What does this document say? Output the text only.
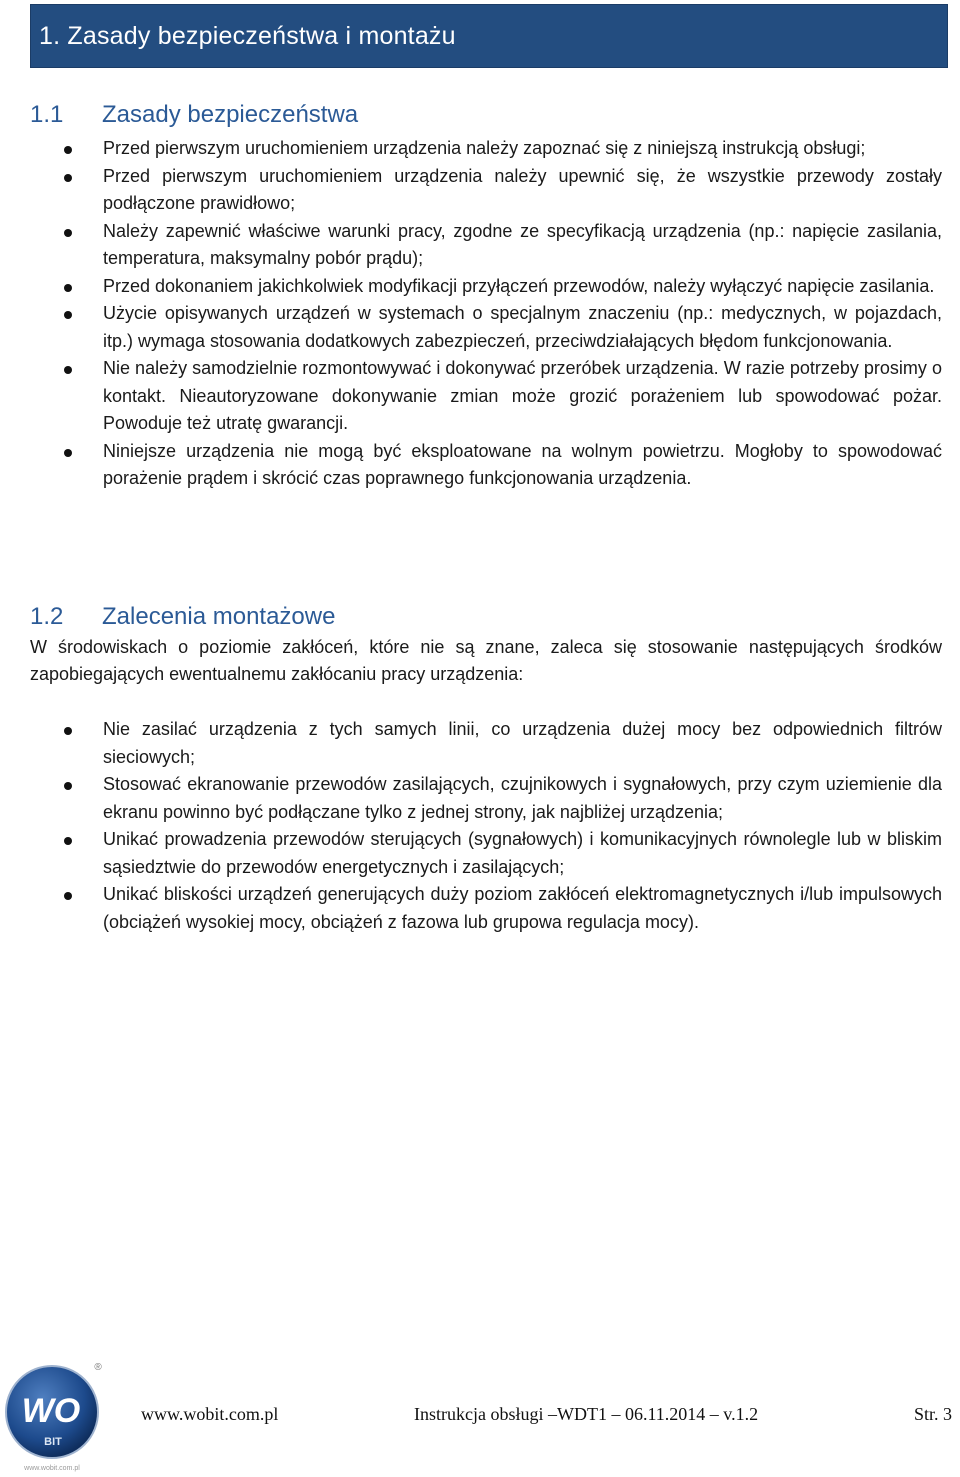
1. Zasady bezpieczeństwa i montażu
1.1 Zasady bezpieczeństwa
Przed pierwszym uruchomieniem urządzenia należy zapoznać się z niniejszą instrukcją obsługi;
Przed pierwszym uruchomieniem urządzenia należy upewnić się, że wszystkie przewody zostały podłączone prawidłowo;
Należy zapewnić właściwe warunki pracy, zgodne ze specyfikacją urządzenia (np.: napięcie zasilania, temperatura, maksymalny pobór prądu);
Przed dokonaniem jakichkolwiek modyfikacji przyłączeń przewodów, należy wyłączyć napięcie zasilania.
Użycie opisywanych urządzeń w systemach o specjalnym znaczeniu (np.: medycznych, w pojazdach, itp.) wymaga stosowania dodatkowych zabezpieczeń, przeciwdziałających błędom funkcjonowania.
Nie należy samodzielnie rozmontowywać i dokonywać przeróbek urządzenia. W razie potrzeby prosimy o kontakt. Nieautoryzowane dokonywanie zmian może grozić porażeniem lub spowodować pożar. Powoduje też utratę gwarancji.
Niniejsze urządzenia nie mogą być eksploatowane na wolnym powietrzu. Mogłoby to spowodować porażenie prądem i skrócić czas poprawnego funkcjonowania urządzenia.
1.2 Zalecenia montażowe

W środowiskach o poziomie zakłóceń, które nie są znane, zaleca się stosowanie następujących środków zapobiegających ewentualnemu zakłócaniu pracy urządzenia:

Nie zasilać urządzenia z tych samych linii, co urządzenia dużej mocy bez odpowiednich filtrów sieciowych;
Stosować ekranowanie przewodów zasilających, czujnikowych i sygnałowych, przy czym uziemienie dla ekranu powinno być podłączane tylko z jednej strony, jak najbliżej urządzenia;
Unikać prowadzenia przewodów sterujących (sygnałowych) i komunikacyjnych równolegle lub w bliskim sąsiedztwie do przewodów energetycznych i zasilających;
Unikać bliskości urządzeń generujących duży poziom zakłóceń elektromagnetycznych i/lub impulsowych (obciążeń wysokiej mocy, obciążeń z fazowa lub grupowa regulacja mocy).
WO
BIT
®
www.wobit.com.pl
www.wobit.com.pl	Instrukcja obsługi –WDT1 – 06.11.2014 – v.1.2	Str. 3
